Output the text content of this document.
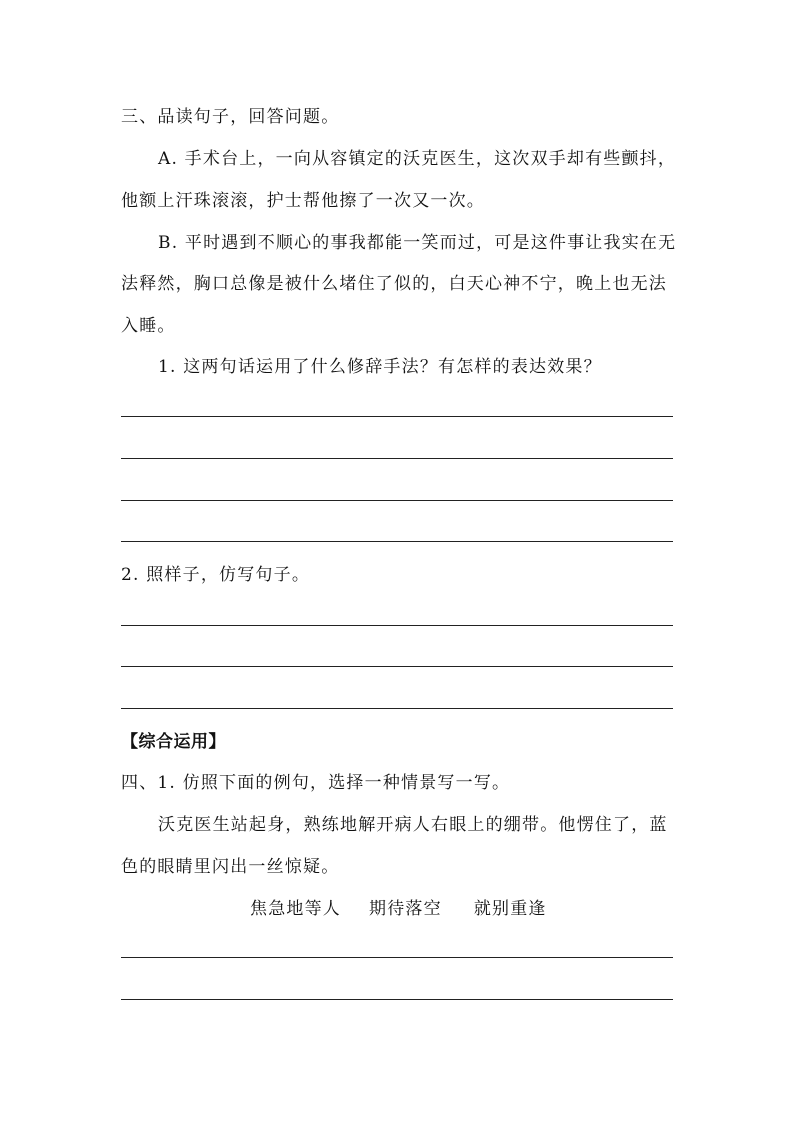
三、品读句子，回答问题。
A. 手术台上，一向从容镇定的沃克医生，这次双手却有些颤抖，
他额上汗珠滚滚，护士帮他擦了一次又一次。
B. 平时遇到不顺心的事我都能一笑而过，可是这件事让我实在无
法释然，胸口总像是被什么堵住了似的，白天心神不宁，晚上也无法
入睡。
1. 这两句话运用了什么修辞手法？有怎样的表达效果？
2. 照样子，仿写句子。
【综合运用】
四、1. 仿照下面的例句，选择一种情景写一写。
沃克医生站起身，熟练地解开病人右眼上的绷带。他愣住了，蓝
色的眼睛里闪出一丝惊疑。
焦急地等人 期待落空 就别重逢
